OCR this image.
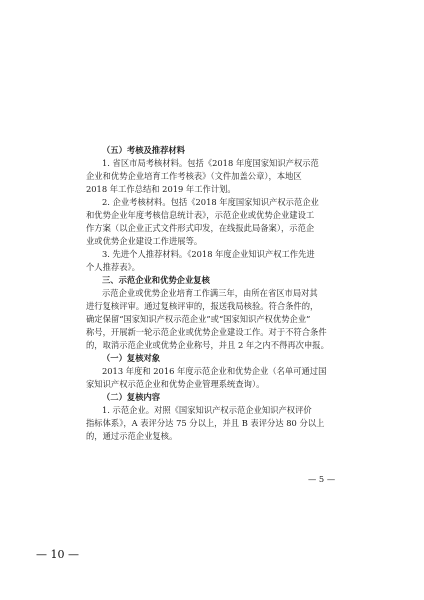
（五）考核及推荐材料
1. 省区市局考核材料。包括《2018 年度国家知识产权示范
企业和优势企业培育工作考核表》（文件加盖公章），本地区
2018 年工作总结和 2019 年工作计划。
2. 企业考核材料。包括《2018 年度国家知识产权示范企业
和优势企业年度考核信息统计表》，示范企业或优势企业建设工
作方案（以企业正式文件形式印发，在线报此局备案），示范企
业或优势企业建设工作进展等。
3. 先进个人推荐材料。《2018 年度企业知识产权工作先进
个人推荐表》。
三、示范企业和优势企业复核
示范企业或优势企业培育工作满三年，由所在省区市局对其
进行复核评审。通过复核评审的，报送我局核验。符合条件的，
确定保留“国家知识产权示范企业”或“国家知识产权优势企业”
称号，开展新一轮示范企业或优势企业建设工作。对于不符合条件
的，取消示范企业或优势企业称号，并且 2 年之内不得再次申报。
（一）复核对象
2013 年度和 2016 年度示范企业和优势企业（名单可通过国
家知识产权示范企业和优势企业管理系统查询）。
（二）复核内容
1. 示范企业。对照《国家知识产权示范企业知识产权评价
指标体系》，A 表评分达 75 分以上，并且 B 表评分达 80 分以上
的，通过示范企业复核。
— 5 —
— 10 —
